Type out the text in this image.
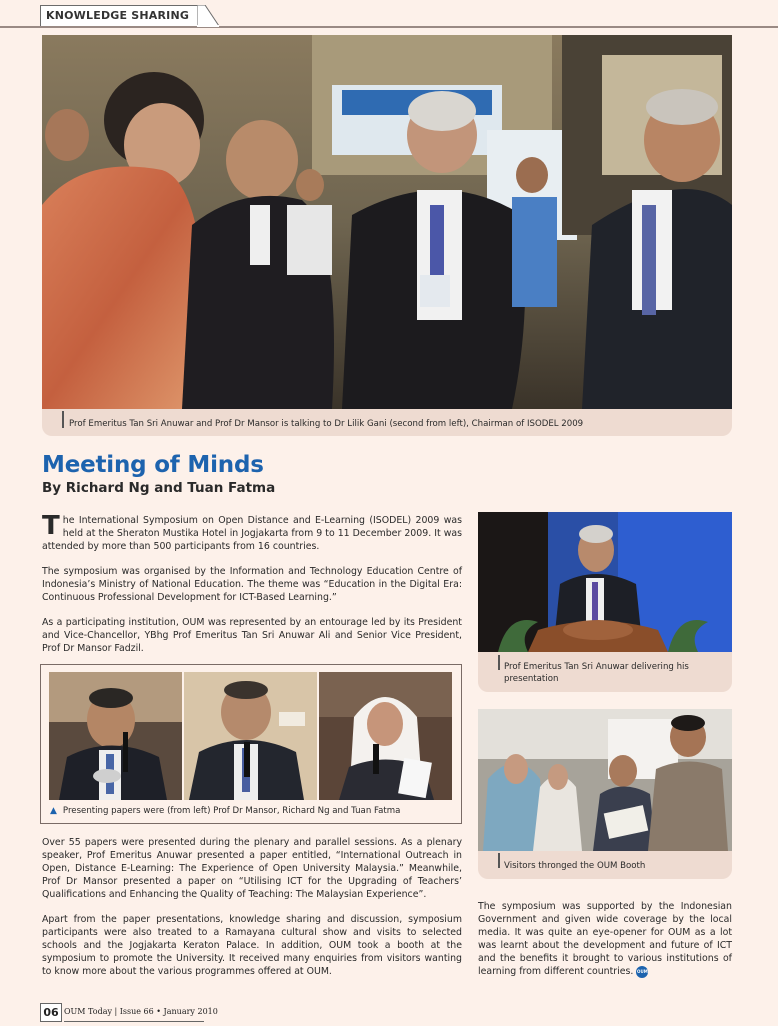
KNOWLEDGE SHARING
Prof Emeritus Tan Sri Anuwar and Prof Dr Mansor is talking to Dr Lilik Gani (second from left), Chairman of ISODEL 2009
Meeting of Minds
By Richard Ng and Tuan Fatma
The International Symposium on Open Distance and E-Learning (ISODEL) 2009 was held at the Sheraton Mustika Hotel in Jogjakarta from 9 to 11 December 2009. It was attended by more than 500 participants from 16 countries.
The symposium was organised by the Information and Technology Education Centre of Indonesia’s Ministry of National Education. The theme was “Education in the Digital Era: Continuous Professional Development for ICT-Based Learning.”
As a participating institution, OUM was represented by an entourage led by its President and Vice-Chancellor, YBhg Prof Emeritus Tan Sri Anuwar Ali and Senior Vice President, Prof Dr Mansor Fadzil.
▲ Presenting papers were (from left) Prof Dr Mansor, Richard Ng and Tuan Fatma
Over 55 papers were presented during the plenary and parallel sessions. As a plenary speaker, Prof Emeritus Anuwar presented a paper entitled, “International Outreach in Open, Distance E-Learning: The Experience of Open University Malaysia.” Meanwhile, Prof Dr Mansor presented a paper on “Utilising ICT for the Upgrading of Teachers’ Qualifications and Enhancing the Quality of Teaching: The Malaysian Experience”.
Apart from the paper presentations, knowledge sharing and discussion, symposium participants were also treated to a Ramayana cultural show and visits to selected schools and the Jogjakarta Keraton Palace. In addition, OUM took a booth at the symposium to promote the University. It received many enquiries from visitors wanting to know more about the various programmes offered at OUM.
Prof Emeritus Tan Sri Anuwar delivering his presentation
Visitors thronged the OUM Booth
The symposium was supported by the Indonesian Government and given wide coverage by the local media. It was quite an eye-opener for OUM as a lot was learnt about the development and future of ICT and the benefits it brought to various institutions of learning from different countries. OUM
06 OUM Today | Issue 66 • January 2010
